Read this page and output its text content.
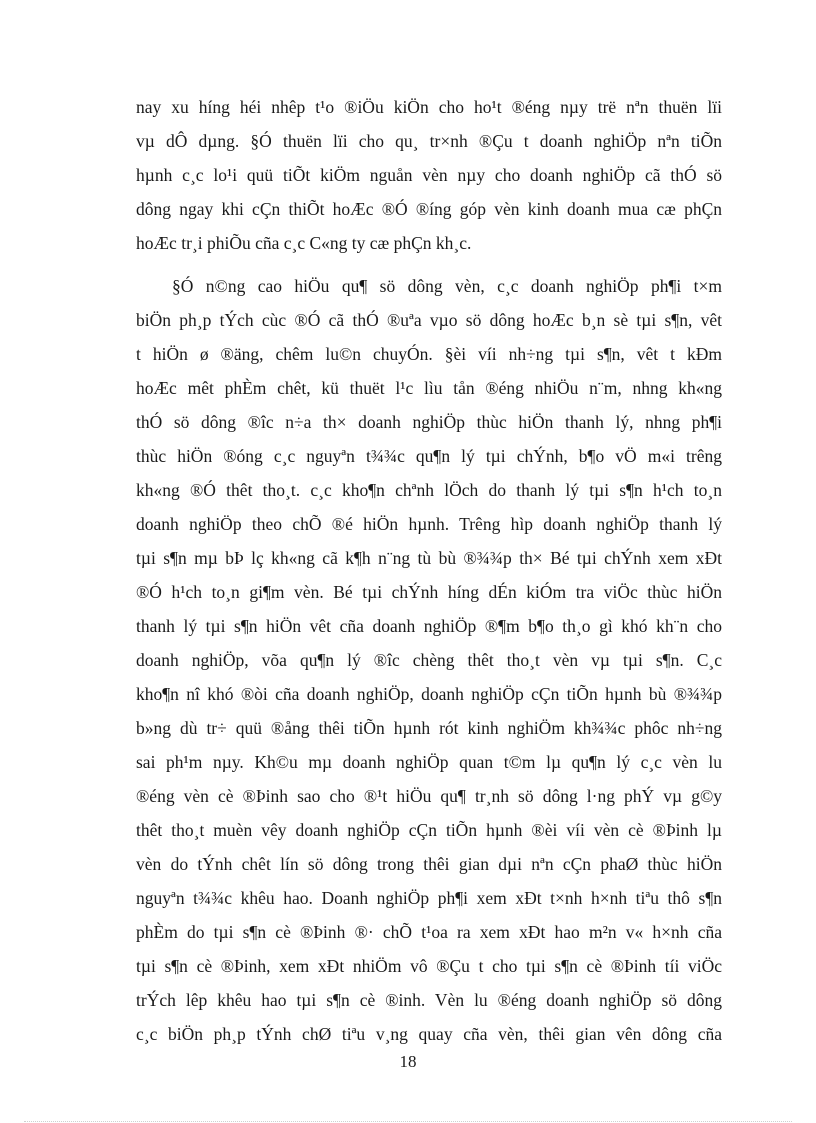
nay xu híng héi nhêp t¹o ®iÖu kiÖn cho ho¹t ®éng nµy trë nªn thuën lïi
vµ dÔ dµng. §Ó thuën lïi cho qu¸ tr×nh ®Çu t doanh nghiÖp nªn tiÕn
hµnh c¸c lo¹i quü tiÕt kiÖm nguån vèn nµy cho doanh nghiÖp cã thÓ sö
dông ngay khi cÇn thiÕt hoÆc ®Ó ®íng góp vèn kinh doanh mua cæ phÇn
hoÆc tr¸i phiÕu cña c¸c C«ng ty cæ phÇn kh¸c.
§Ó n©ng cao hiÖu qu¶ sö dông vèn, c¸c doanh nghiÖp ph¶i t×m
biÖn ph¸p tÝch cùc ®Ó cã thÓ ®uªa vµo sö dông hoÆc b¸n sè tµi s¶n, vêt
t hiÖn ø ®äng, chêm lu©n chuyÓn. §èi víi nh÷ng tµi s¶n, vêt t kÐm
hoÆc mêt phÈm chêt, kü thuët l¹c lìu tån ®éng nhiÖu n¨m, nhng kh«ng
thÓ sö dông ®îc n÷a th× doanh nghiÖp thùc hiÖn thanh lý, nhng ph¶i
thùc hiÖn ®óng c¸c nguyªn t¾¾c qu¶n lý tµi chÝnh, b¶o vÖ m«i trêng
kh«ng ®Ó thêt tho¸t. c¸c kho¶n chªnh lÖch do thanh lý tµi s¶n h¹ch to¸n
doanh nghiÖp theo chÕ ®é hiÖn hµnh. Trêng hìp doanh nghiÖp thanh lý
tµi s¶n mµ bÞ lç kh«ng cã k¶h n¨ng tù bù ®¾¾p th× Bé tµi chÝnh xem xÐt
®Ó h¹ch to¸n gi¶m vèn. Bé tµi chÝnh híng dÉn kiÓm tra viÖc thùc hiÖn
thanh lý tµi s¶n hiÖn vêt cña doanh nghiÖp ®¶m b¶o th¸o gì khó kh¨n cho
doanh nghiÖp, võa qu¶n lý ®îc chèng thêt tho¸t vèn vµ tµi s¶n. C¸c
kho¶n nî khó ®òi cña doanh nghiÖp, doanh nghiÖp cÇn tiÕn hµnh bù ®¾¾p
b»ng dù tr÷ quü ®ång thêi tiÕn hµnh rót kinh nghiÖm kh¾¾c phôc nh÷ng
sai ph¹m nµy. Kh©u mµ doanh nghiÖp quan t©m lµ qu¶n lý c¸c vèn lu
®éng vèn cè ®Þinh sao cho ®¹t hiÖu qu¶ tr¸nh sö dông l·ng phÝ vµ g©y
thêt tho¸t muèn vêy doanh nghiÖp cÇn tiÕn hµnh ®èi víi vèn cè ®Þinh lµ
vèn do tÝnh chêt lín sö dông trong thêi gian dµi nªn cÇn phaØ thùc hiÖn
nguyªn t¾¾c khêu hao. Doanh nghiÖp ph¶i xem xÐt t×nh h×nh tiªu thô s¶n
phÈm do tµi s¶n cè ®Þinh ®· chÕ t¹oa ra xem xÐt hao m²n v« h×nh cña
tµi s¶n cè ®Þinh, xem xÐt nhiÖm vô ®Çu t cho tµi s¶n cè ®Þinh tíi viÖc
trÝch lêp khêu hao tµi s¶n cè ®inh. Vèn lu ®éng doanh nghiÖp sö dông
c¸c biÖn ph¸p tÝnh chØ tiªu v¸ng quay cña vèn, thêi gian vên dông cña
18
